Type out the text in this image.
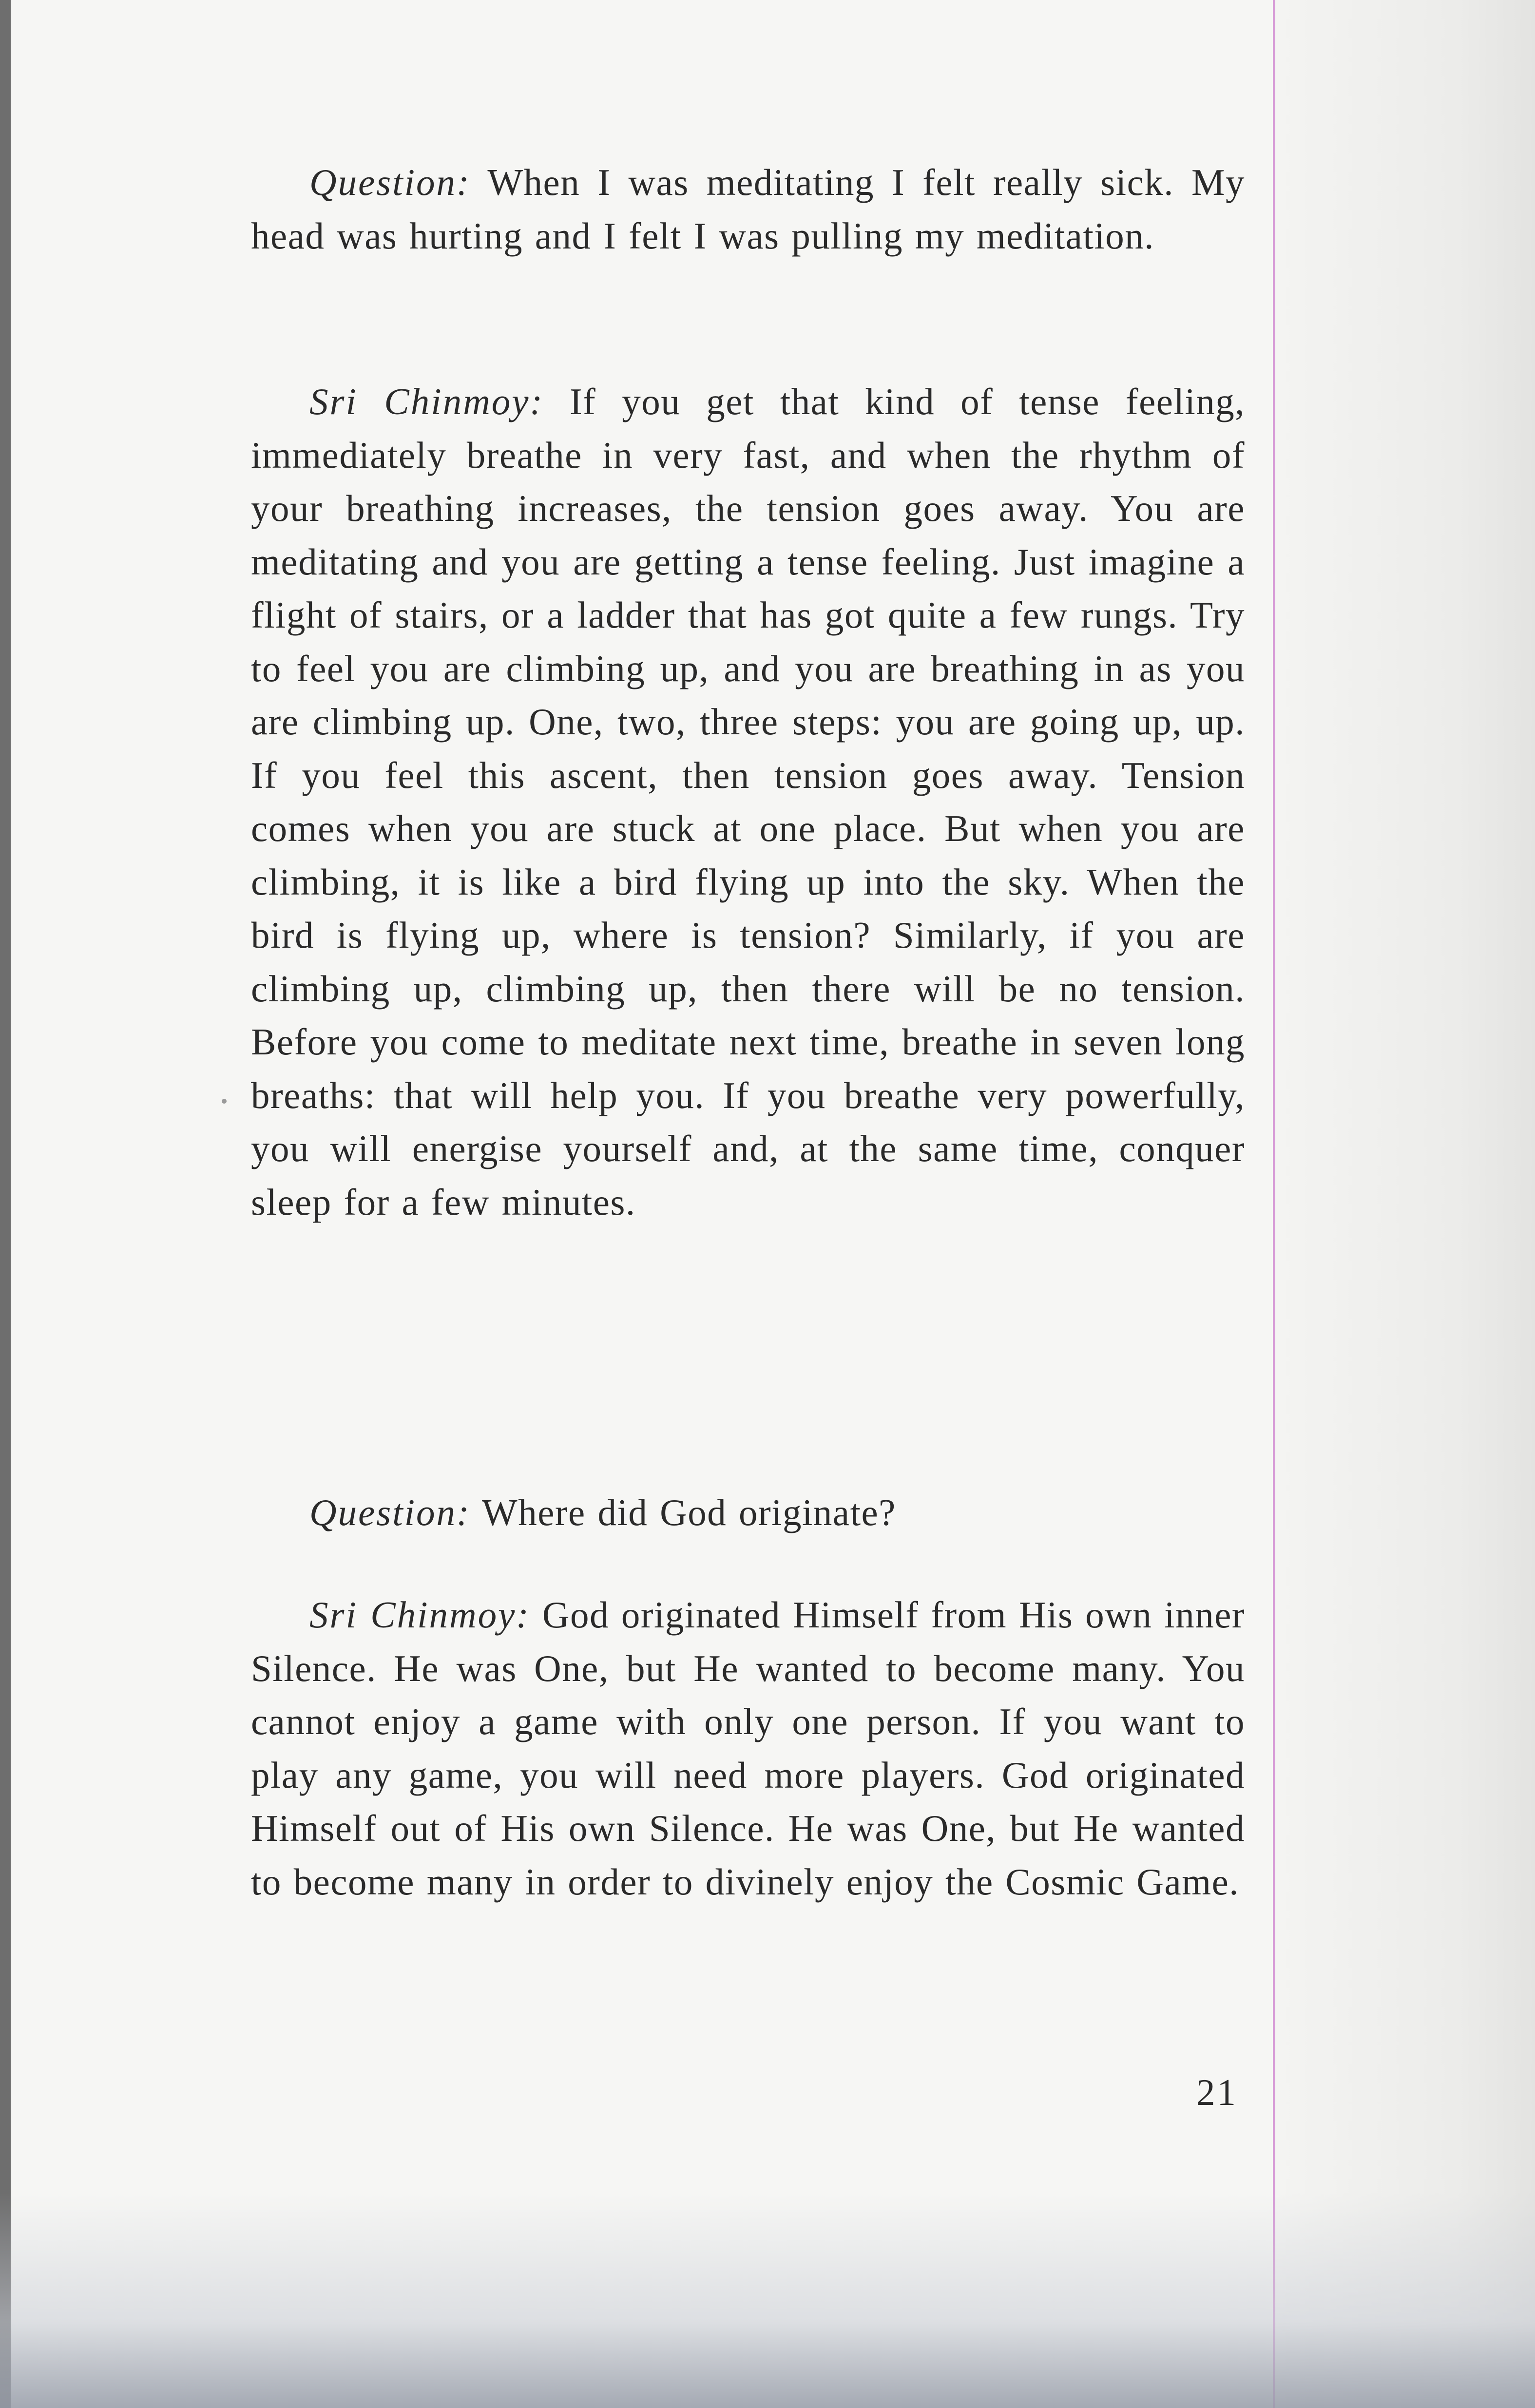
Question: When I was meditating I felt really sick. My head was hurting and I felt I was pulling my meditation.

Sri Chinmoy: If you get that kind of tense feeling, immediately breathe in very fast, and when the rhythm of your breathing increases, the tension goes away. You are meditating and you are getting a tense feeling. Just imagine a flight of stairs, or a ladder that has got quite a few rungs. Try to feel you are climbing up, and you are breathing in as you are climbing up. One, two, three steps: you are going up, up. If you feel this ascent, then tension goes away. Tension comes when you are stuck at one place. But when you are climbing, it is like a bird flying up into the sky. When the bird is flying up, where is tension? Similarly, if you are climbing up, climbing up, then there will be no tension. Before you come to meditate next time, breathe in seven long breaths: that will help you. If you breathe very powerfully, you will energise yourself and, at the same time, conquer sleep for a few minutes.

Question: Where did God originate?

Sri Chinmoy: God originated Himself from His own inner Silence. He was One, but He wanted to become many. You cannot enjoy a game with only one person. If you want to play any game, you will need more players. God originated Himself out of His own Silence. He was One, but He wanted to become many in order to divinely enjoy the Cosmic Game.

21
